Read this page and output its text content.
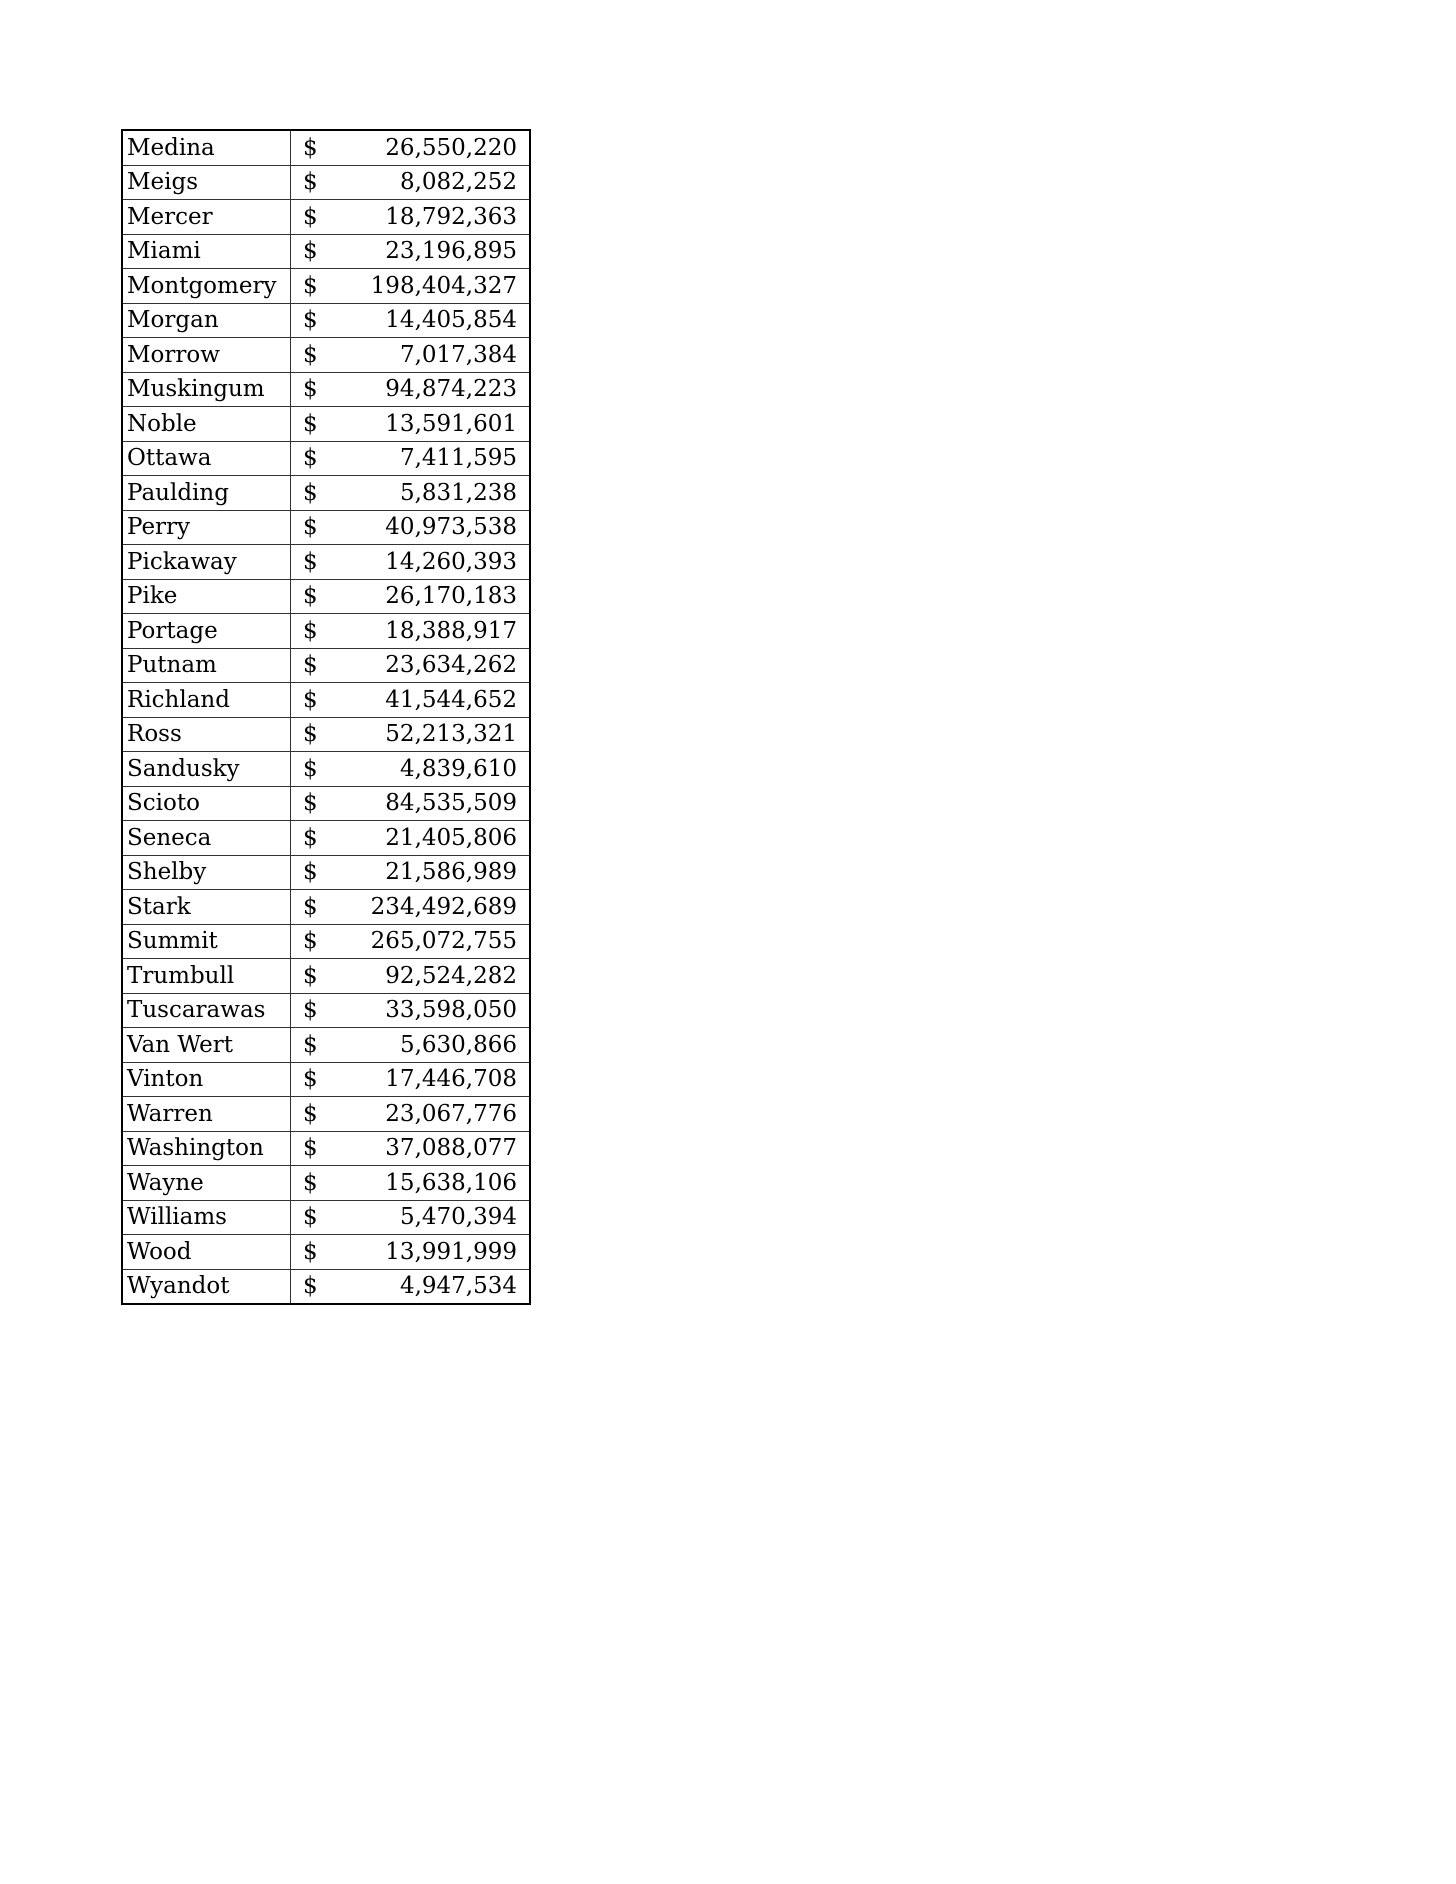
Medina	$	26,550,220
Meigs	$	8,082,252
Mercer	$	18,792,363
Miami	$	23,196,895
Montgomery	$	198,404,327
Morgan	$	14,405,854
Morrow	$	7,017,384
Muskingum	$	94,874,223
Noble	$	13,591,601
Ottawa	$	7,411,595
Paulding	$	5,831,238
Perry	$	40,973,538
Pickaway	$	14,260,393
Pike	$	26,170,183
Portage	$	18,388,917
Putnam	$	23,634,262
Richland	$	41,544,652
Ross	$	52,213,321
Sandusky	$	4,839,610
Scioto	$	84,535,509
Seneca	$	21,405,806
Shelby	$	21,586,989
Stark	$	234,492,689
Summit	$	265,072,755
Trumbull	$	92,524,282
Tuscarawas	$	33,598,050
Van Wert	$	5,630,866
Vinton	$	17,446,708
Warren	$	23,067,776
Washington	$	37,088,077
Wayne	$	15,638,106
Williams	$	5,470,394
Wood	$	13,991,999
Wyandot	$	4,947,534
